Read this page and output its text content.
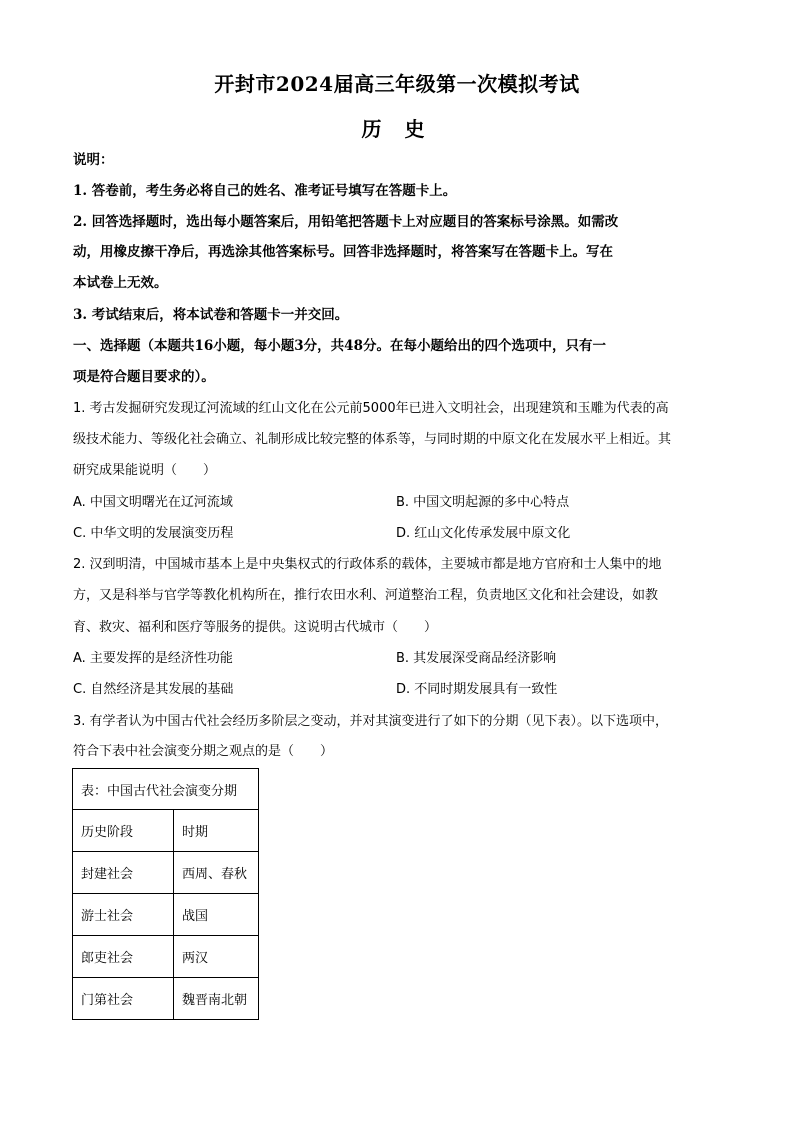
开封市2024届高三年级第一次模拟考试
历 史
说明：
1. 答卷前，考生务必将自己的姓名、准考证号填写在答题卡上。
2. 回答选择题时，选出每小题答案后，用铅笔把答题卡上对应题目的答案标号涂黑。如需改
动，用橡皮擦干净后，再选涂其他答案标号。回答非选择题时，将答案写在答题卡上。写在
本试卷上无效。
3. 考试结束后，将本试卷和答题卡一并交回。
一、选择题（本题共16小题，每小题3分，共48分。在每小题给出的四个选项中，只有一
项是符合题目要求的）。
1. 考古发掘研究发现辽河流域的红山文化在公元前5000年已进入文明社会，出现建筑和玉雕为代表的高
级技术能力、等级化社会确立、礼制形成比较完整的体系等，与同时期的中原文化在发展水平上相近。其
研究成果能说明（　　）
A. 中国文明曙光在辽河流域	B. 中国文明起源的多中心特点
C. 中华文明的发展演变历程	D. 红山文化传承发展中原文化
2. 汉到明清，中国城市基本上是中央集权式的行政体系的载体，主要城市都是地方官府和士人集中的地
方，又是科举与官学等教化机构所在，推行农田水利、河道整治工程，负责地区文化和社会建设，如教
育、救灾、福利和医疗等服务的提供。这说明古代城市（　　）
A. 主要发挥的是经济性功能	B. 其发展深受商品经济影响
C. 自然经济是其发展的基础	D. 不同时期发展具有一致性
3. 有学者认为中国古代社会经历多阶层之变动，并对其演变进行了如下的分期（见下表）。以下选项中，
符合下表中社会演变分期之观点的是（　　）
表：中国古代社会演变分期	
历史阶段	时期
封建社会	西周、春秋
游士社会	战国
郎吏社会	两汉
门第社会	魏晋南北朝
